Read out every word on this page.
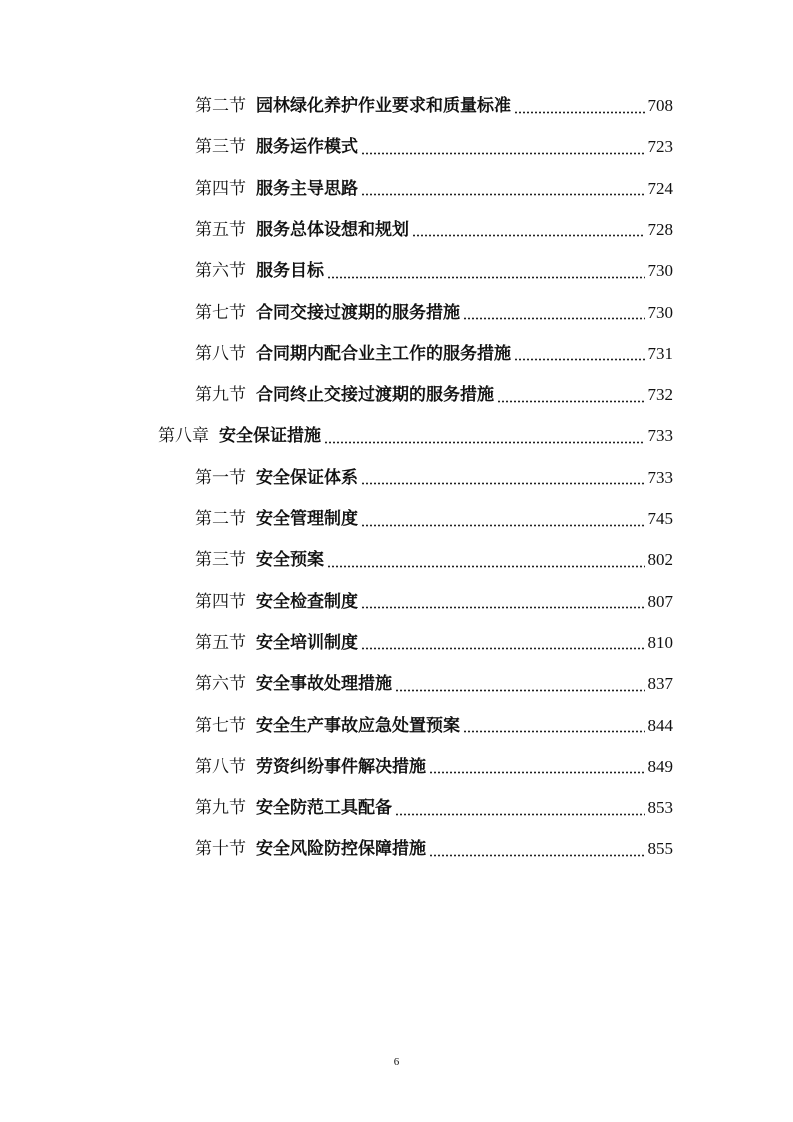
第二节 园林绿化养护作业要求和质量标准	708
第三节 服务运作模式	723
第四节 服务主导思路	724
第五节 服务总体设想和规划	728
第六节 服务目标	730
第七节 合同交接过渡期的服务措施	730
第八节 合同期内配合业主工作的服务措施	731
第九节 合同终止交接过渡期的服务措施	732
第八章 安全保证措施	733
第一节 安全保证体系	733
第二节 安全管理制度	745
第三节 安全预案	802
第四节 安全检查制度	807
第五节 安全培训制度	810
第六节 安全事故处理措施	837
第七节 安全生产事故应急处置预案	844
第八节 劳资纠纷事件解决措施	849
第九节 安全防范工具配备	853
第十节 安全风险防控保障措施	855
6
